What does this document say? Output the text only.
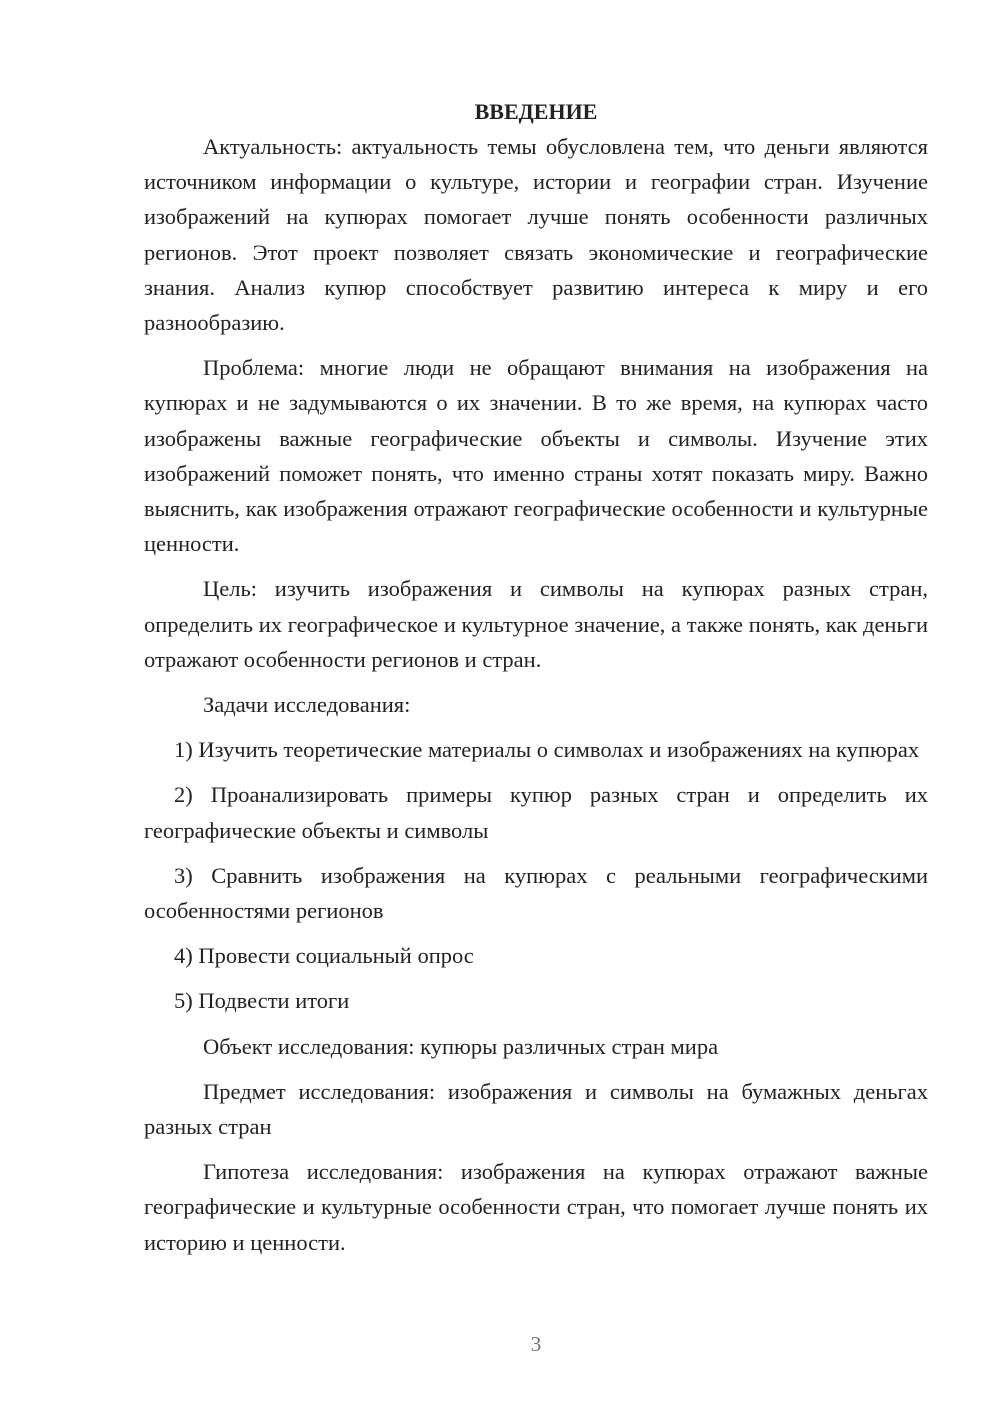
ВВЕДЕНИЕ

Актуальность: актуальность темы обусловлена тем, что деньги являются источником информации о культуре, истории и географии стран. Изучение изображений на купюрах помогает лучше понять особенности различных регионов. Этот проект позволяет связать экономические и географические знания. Анализ купюр способствует развитию интереса к миру и его разнообразию.

Проблема: многие люди не обращают внимания на изображения на купюрах и не задумываются о их значении. В то же время, на купюрах часто изображены важные географические объекты и символы. Изучение этих изображений поможет понять, что именно страны хотят показать миру. Важно выяснить, как изображения отражают географические особенности и культурные ценности.

Цель: изучить изображения и символы на купюрах разных стран, определить их географическое и культурное значение, а также понять, как деньги отражают особенности регионов и стран.

Задачи исследования:

1) Изучить теоретические материалы о символах и изображениях на купюрах

2) Проанализировать примеры купюр разных стран и определить их географические объекты и символы

3) Сравнить изображения на купюрах с реальными географическими особенностями регионов

4) Провести социальный опрос

5) Подвести итоги

Объект исследования: купюры различных стран мира

Предмет исследования: изображения и символы на бумажных деньгах разных стран

Гипотеза исследования: изображения на купюрах отражают важные географические и культурные особенности стран, что помогает лучше понять их историю и ценности.

3
